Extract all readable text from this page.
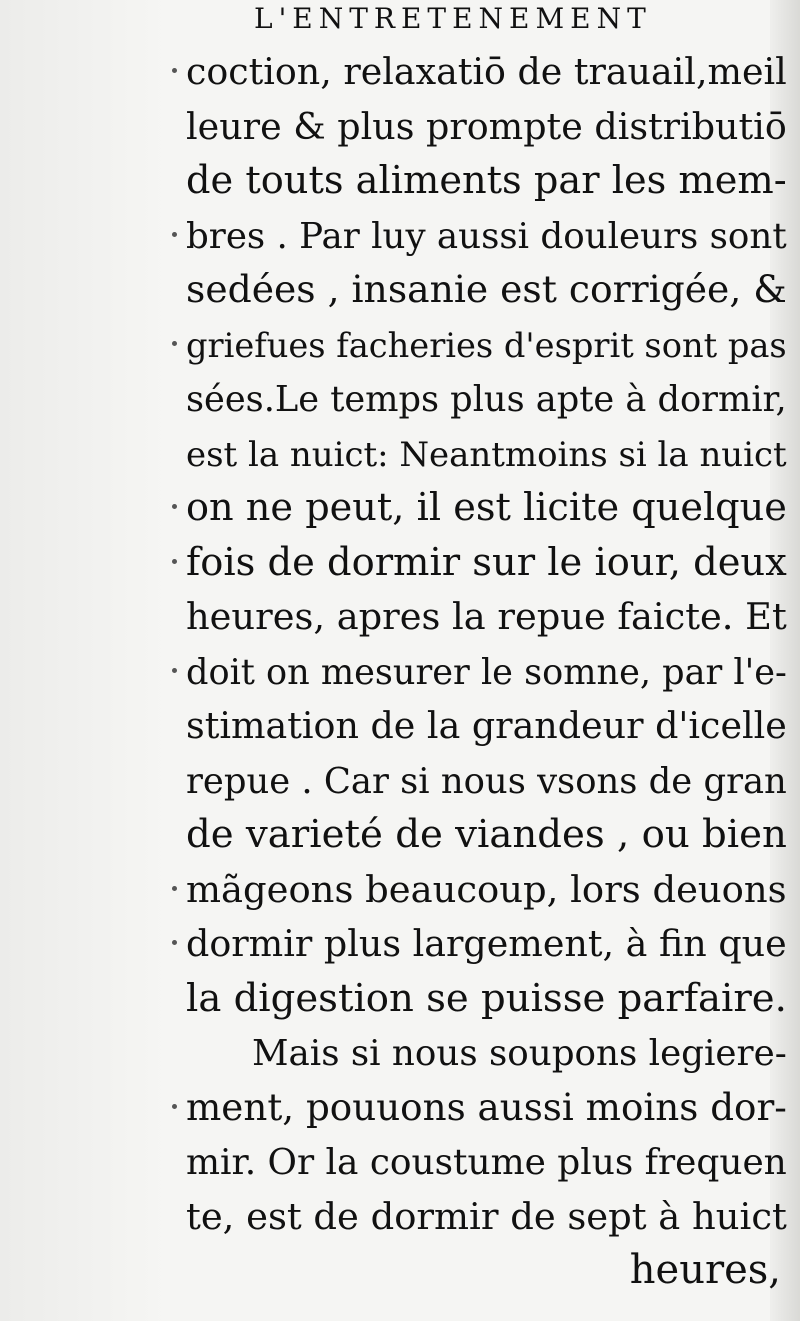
L'ENTRETENEMENT
coction, relaxatiō de trauail,meil
leure & plus prompte distributiō
de touts aliments par les mem-
bres . Par luy aussi douleurs sont
sedées , insanie est corrigée, &
griefues facheries d'esprit sont pas
sées.Le temps plus apte à dormir,
est la nuict: Neantmoins si la nuict
on ne peut, il est licite quelque
fois de dormir sur le iour, deux
heures, apres la repue faicte. Et
doit on mesurer le somne, par l'e-
stimation de la grandeur d'icelle
repue . Car si nous vsons de gran
de varieté de viandes , ou bien
mãgeons beaucoup, lors deuons
dormir plus largement, à fin que
la digestion se puisse parfaire.
Mais si nous soupons legiere-
ment, pouuons aussi moins dor-
mir. Or la coustume plus frequen
te, est de dormir de sept à huict
heures,
